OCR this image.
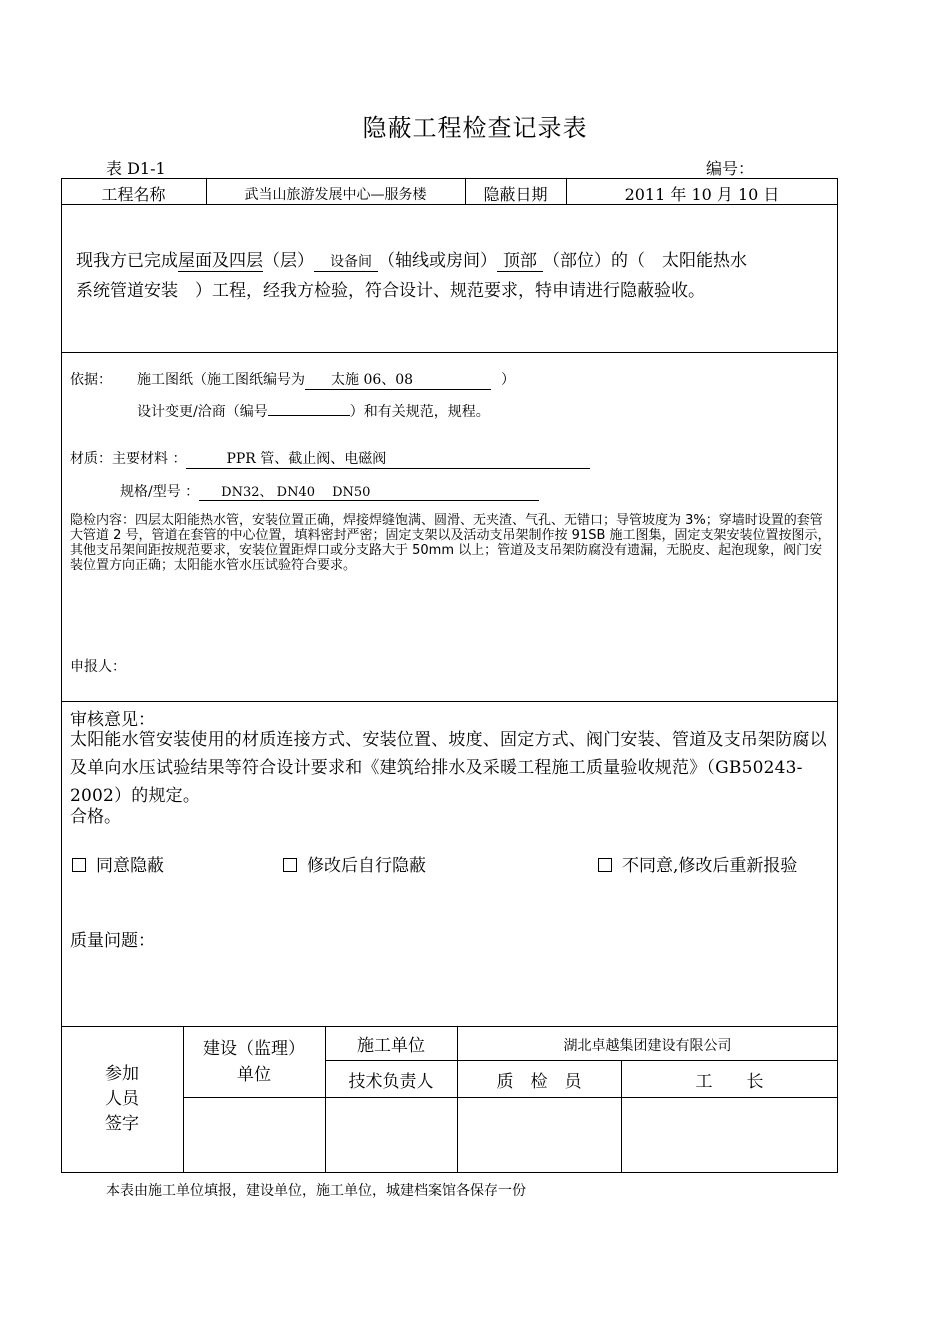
隐蔽工程检查记录表
表 D1-1	编号：
工程名称	武当山旅游发展中心—服务楼	隐蔽日期	2011 年 10 月 10 日
现我方已完成屋面及四层（层） 设备间 （轴线或房间） 顶部 （部位）的（　太阳能热水
系统管道安装　）工程，经我方检验，符合设计、规范要求，特申请进行隐蔽验收。
依据： 施工图纸（施工图纸编号为 太施 06、08	）
设计变更/洽商（编号	）和有关规范，规程。
材质：主要材料 ：	PPR 管、截止阀、电磁阀
规格/型号 ： DN32、 DN40　 DN50
隐检内容：四层太阳能热水管，安装位置正确，焊接焊缝饱满、圆滑、无夹渣、气孔、无错口；导管坡度为 3%；穿墙时设置的套管大管道 2 号，管道在套管的中心位置，填料密封严密；固定支架以及活动支吊架制作按 91SB 施工图集，固定支架安装位置按图示，其他支吊架间距按规范要求，安装位置距焊口或分支路大于 50mm 以上；管道及支吊架防腐没有遗漏，无脱皮、起泡现象，阀门安装位置方向正确；太阳能水管水压试验符合要求。
申报人：
审核意见：
太阳能水管安装使用的材质连接方式、安装位置、坡度、固定方式、阀门安装、管道及支吊架防腐以及单向水压试验结果等符合设计要求和《建筑给排水及采暖工程施工质量验收规范》（GB50243-2002）的规定。
合格。
同意隐蔽	修改后自行隐蔽	不同意,修改后重新报验
质量问题：
参加
人员
签字
建设（监理）
单位
施工单位	湖北卓越集团建设有限公司
技术负责人	质　检　员	工　　长
本表由施工单位填报，建设单位，施工单位，城建档案馆各保存一份
